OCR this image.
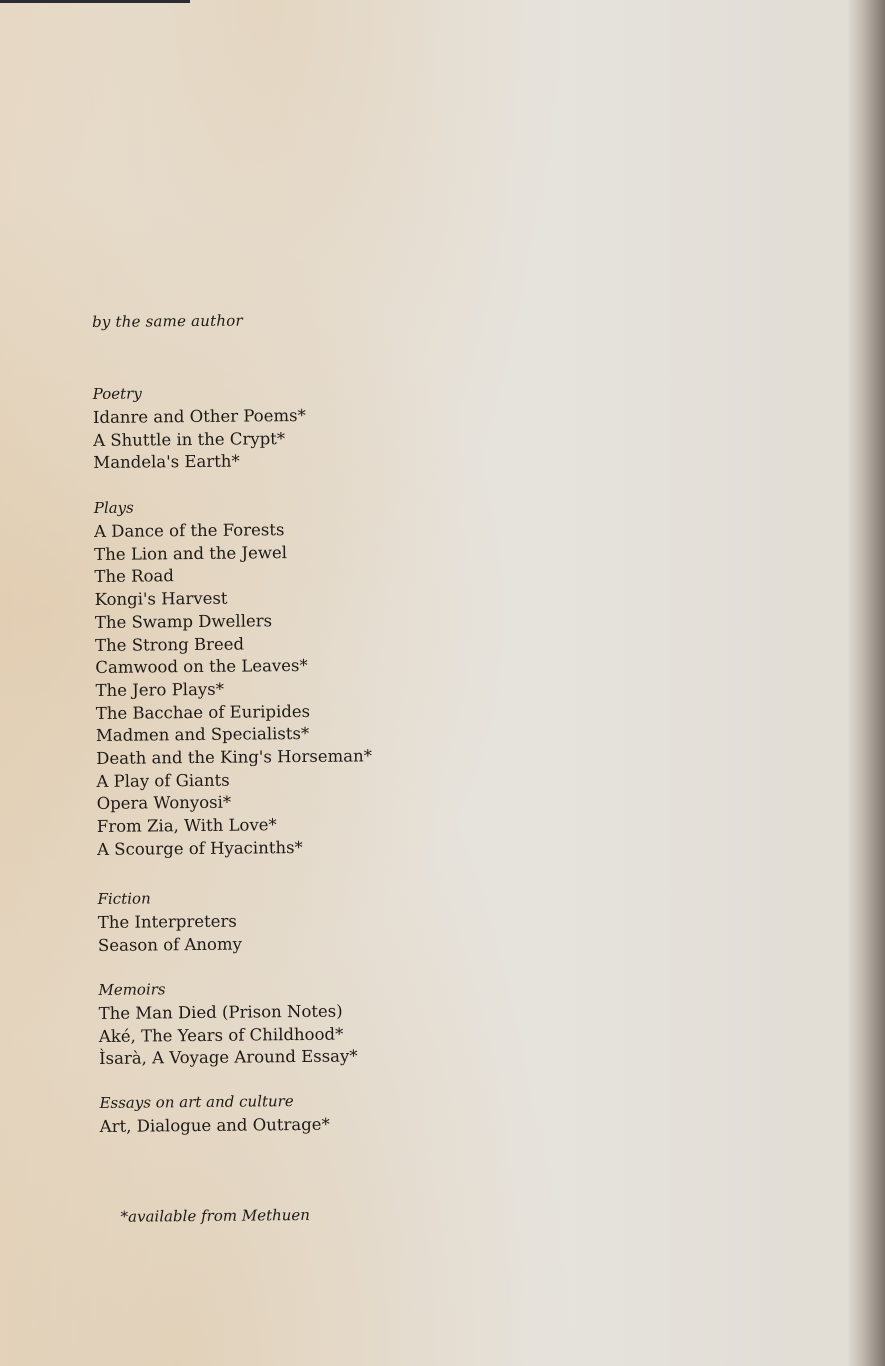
by the same author

Poetry

Idanre and Other Poems*
A Shuttle in the Crypt*
Mandela's Earth*

Plays

A Dance of the Forests
The Lion and the Jewel
The Road
Kongi's Harvest
The Swamp Dwellers
The Strong Breed
Camwood on the Leaves*
The Jero Plays*
The Bacchae of Euripides
Madmen and Specialists*
Death and the King's Horseman*
A Play of Giants
Opera Wonyosi*
From Zia, With Love*
A Scourge of Hyacinths*

Fiction

The Interpreters
Season of Anomy

Memoirs

The Man Died (Prison Notes)
Aké, The Years of Childhood*
Ìsarà, A Voyage Around Essay*

Essays on art and culture

Art, Dialogue and Outrage*

*available from Methuen
